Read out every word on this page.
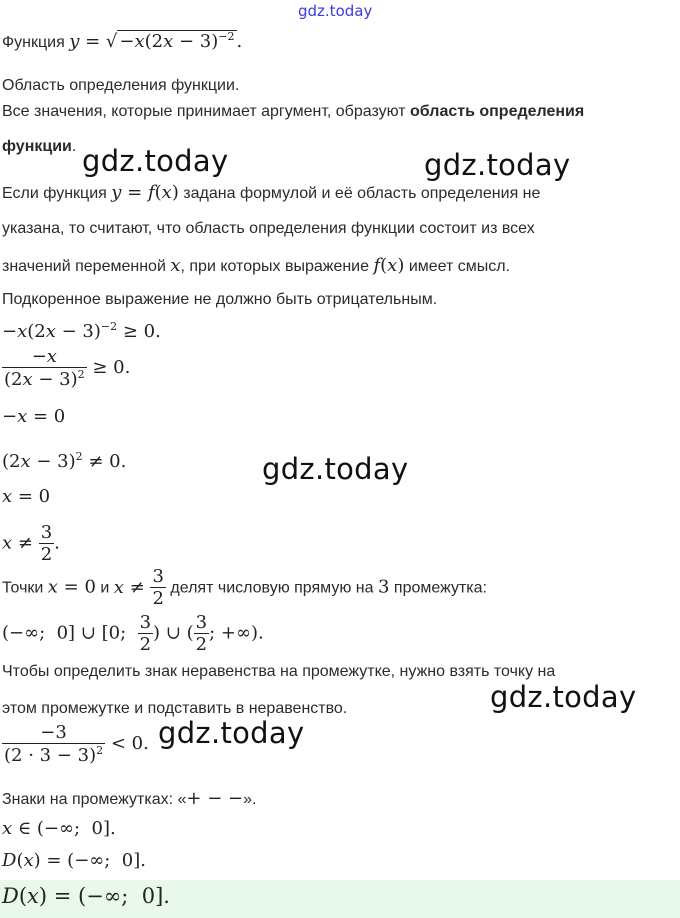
gdz.today
gdz.today	gdz.today
gdz.today
gdz.today
gdz.today
Функция y = √ $-x(2x - 3)^{-2}$ .
Область определения функции.
Все значения, которые принимает аргумент, образуют область определения
функции.
Если функция y = f(x) задана формулой и её область определения не
указана, то считают, что область определения функции состоит из всех
значений переменной x, при которых выражение f(x) имеет смысл.
Подкоренное выражение не должно быть отрицательным.
$-x(2x - 3)^{-2} \ge 0$.
$\frac{-x}{(2x - 3)^2} \ge 0$.
−x = 0
$(2x - 3)^2 \ne 0$.
x = 0
$x \ne \frac{3}{2}$ .
Точки x = 0 и $x \ne \frac{3}{2}$ делят числовую прямую на 3 промежутка:
(−∞;  0] ∪ [0; $\frac{3}{2}$ ) ∪ ( $\frac{3}{2}$ ; +∞).
Чтобы определить знак неравенства на промежутке, нужно взять точку на
этом промежутке и подставить в неравенство.
$\frac{-3}{(2 \cdot 3 - 3)^2} < 0$.
Знаки на промежутках: «+ − −».
x ∈ (−∞;  0].
D(x) = (−∞;  0].
D(x) = (−∞;  0].
